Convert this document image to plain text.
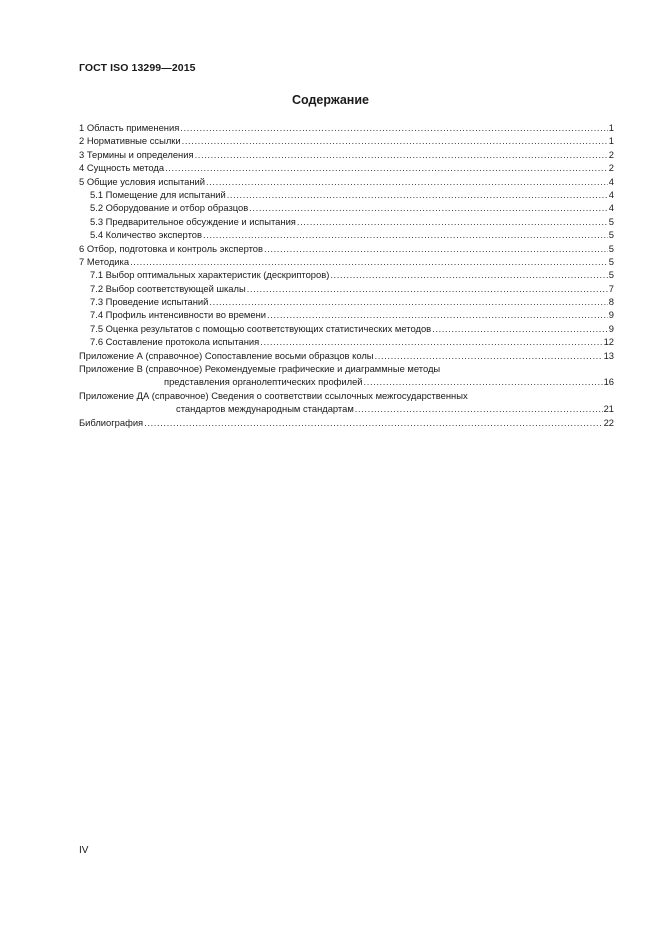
ГОСТ ISO 13299—2015
Содержание
1 Область применения .....	1
2 Нормативные ссылки .....	1
3 Термины и определения .....	2
4 Сущность метода .....	2
5 Общие условия испытаний .....	4
5.1 Помещение для испытаний .....	4
5.2 Оборудование и отбор образцов .....	4
5.3 Предварительное обсуждение и испытания .....	5
5.4 Количество экспертов .....	5
6 Отбор, подготовка и контроль экспертов .....	5
7 Методика .....	5
7.1 Выбор оптимальных характеристик (дескрипторов) .....	5
7.2 Выбор соответствующей шкалы .....	7
7.3 Проведение испытаний .....	8
7.4 Профиль интенсивности во времени .....	9
7.5 Оценка результатов с помощью соответствующих статистических методов .....	9
7.6 Составление протокола испытания .....	12
Приложение А (справочное) Сопоставление восьми образцов колы .....	13
Приложение В (справочное) Рекомендуемые графические и диаграммные методы
представления органолептических профилей .....	16
Приложение ДА (справочное) Сведения о соответствии ссылочных межгосударственных
стандартов международным стандартам .....	21
Библиография .....	22
IV
